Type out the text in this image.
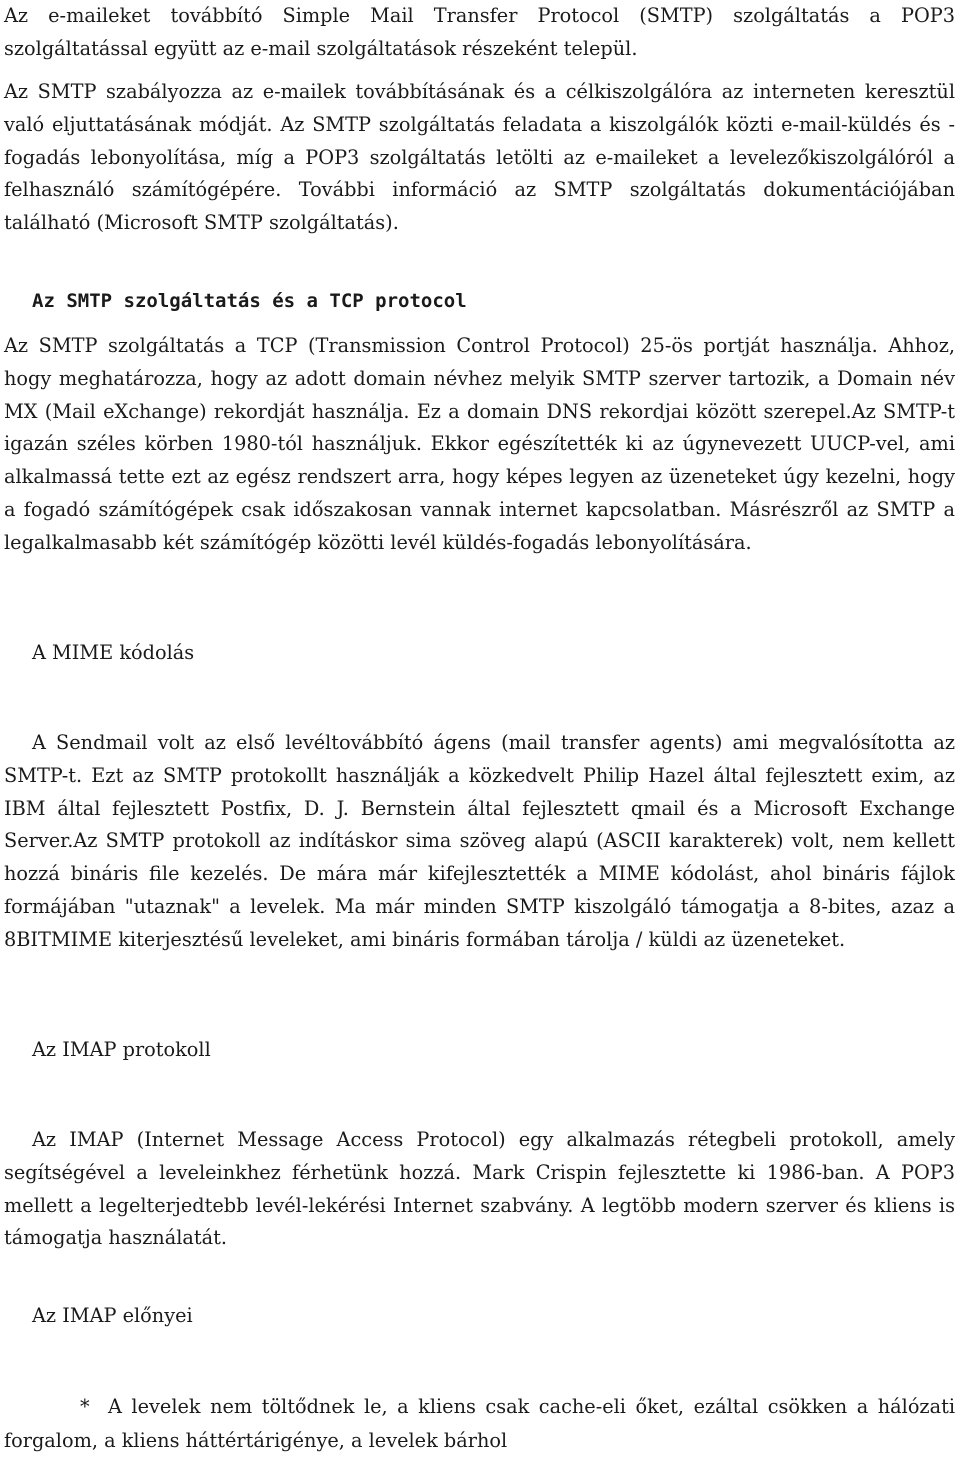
Az e-maileket továbbító Simple Mail Transfer Protocol (SMTP) szolgáltatás a POP3 szolgáltatással együtt az e-mail szolgáltatások részeként települ.

Az SMTP szabályozza az e-mailek továbbításának és a célkiszolgálóra az interneten keresztül való eljuttatásának módját. Az SMTP szolgáltatás feladata a kiszolgálók közti e-mail-küldés és -fogadás lebonyolítása, míg a POP3 szolgáltatás letölti az e-maileket a levelezőkiszolgálóról a felhasználó számítógépére. További információ az SMTP szolgáltatás dokumentációjában található (Microsoft SMTP szolgáltatás).

Az SMTP szolgáltatás és a TCP protocol

Az SMTP szolgáltatás a TCP (Transmission Control Protocol) 25-ös portját használja. Ahhoz, hogy meghatározza, hogy az adott domain névhez melyik SMTP szerver tartozik, a Domain név MX (Mail eXchange) rekordját használja. Ez a domain DNS rekordjai között szerepel.Az SMTP-t igazán széles körben 1980-tól használjuk. Ekkor egészítették ki az úgynevezett UUCP-vel, ami alkalmassá tette ezt az egész rendszert arra, hogy képes legyen az üzeneteket úgy kezelni, hogy a fogadó számítógépek csak időszakosan vannak internet kapcsolatban. Másrészről az SMTP a legalkalmasabb két számítógép közötti levél küldés-fogadás lebonyolítására.

A MIME kódolás

A Sendmail volt az első levéltovábbító ágens (mail transfer agents) ami megvalósította az SMTP-t. Ezt az SMTP protokollt használják a közkedvelt Philip Hazel által fejlesztett exim, az IBM által fejlesztett Postfix, D. J. Bernstein által fejlesztett qmail és a Microsoft Exchange Server.Az SMTP protokoll az indításkor sima szöveg alapú (ASCII karakterek) volt, nem kellett hozzá bináris file kezelés. De mára már kifejlesztették a MIME kódolást, ahol bináris fájlok formájában "utaznak" a levelek. Ma már minden SMTP kiszolgáló támogatja a 8-bites, azaz a 8BITMIME kiterjesztésű leveleket, ami bináris formában tárolja / küldi az üzeneteket.

Az IMAP protokoll

Az IMAP (Internet Message Access Protocol) egy alkalmazás rétegbeli protokoll, amely segítségével a leveleinkhez férhetünk hozzá. Mark Crispin fejlesztette ki 1986-ban. A POP3 mellett a legelterjedtebb levél-lekérési Internet szabvány. A legtöbb modern szerver és kliens is támogatja használatát.

Az IMAP előnyei

* A levelek nem töltődnek le, a kliens csak cache-eli őket, ezáltal csökken a hálózati forgalom, a kliens háttértárigénye, a levelek bárhol
